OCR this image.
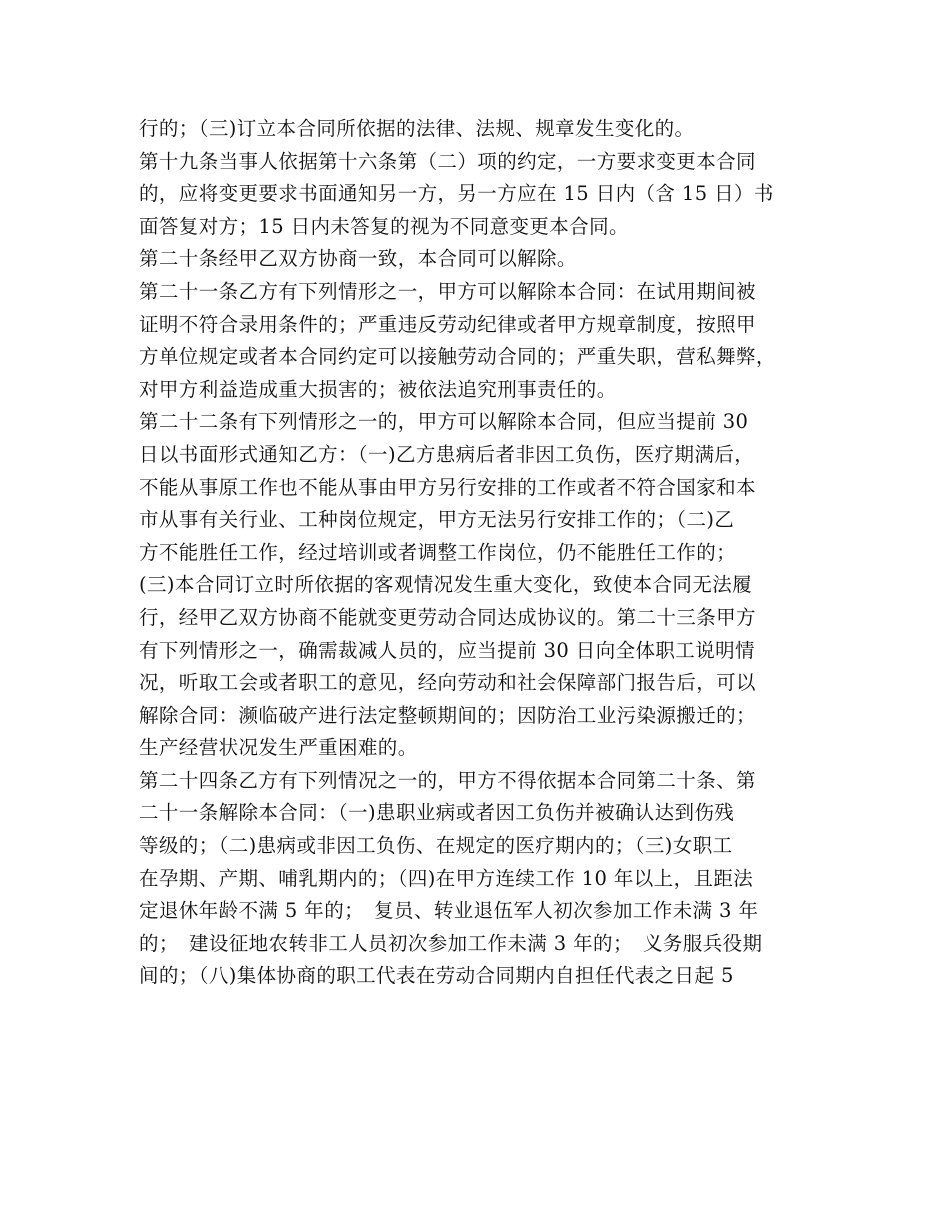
行的；（三)订立本合同所依据的法律、法规、规章发生变化的。
第十九条当事人依据第十六条第（二）项的约定，一方要求变更本合同
的，应将变更要求书面通知另一方，另一方应在 15 日内（含 15 日）书
面答复对方；15 日内未答复的视为不同意变更本合同。
第二十条经甲乙双方协商一致，本合同可以解除。
第二十一条乙方有下列情形之一，甲方可以解除本合同：在试用期间被
证明不符合录用条件的；严重违反劳动纪律或者甲方规章制度，按照甲
方单位规定或者本合同约定可以接触劳动合同的；严重失职，营私舞弊，
对甲方利益造成重大损害的；被依法追究刑事责任的。
第二十二条有下列情形之一的，甲方可以解除本合同，但应当提前 30
日以书面形式通知乙方：（一)乙方患病后者非因工负伤，医疗期满后，
不能从事原工作也不能从事由甲方另行安排的工作或者不符合国家和本
市从事有关行业、工种岗位规定，甲方无法另行安排工作的；（二)乙
方不能胜任工作，经过培训或者调整工作岗位，仍不能胜任工作的；
(三)本合同订立时所依据的客观情况发生重大变化，致使本合同无法履
行，经甲乙双方协商不能就变更劳动合同达成协议的。第二十三条甲方
有下列情形之一，确需裁减人员的，应当提前 30 日向全体职工说明情
况，听取工会或者职工的意见，经向劳动和社会保障部门报告后，可以
解除合同：濒临破产进行法定整顿期间的；因防治工业污染源搬迁的；
生产经营状况发生严重困难的。
第二十四条乙方有下列情况之一的，甲方不得依据本合同第二十条、第
二十一条解除本合同：（一)患职业病或者因工负伤并被确认达到伤残
等级的；（二)患病或非因工负伤、在规定的医疗期内的；（三)女职工
在孕期、产期、哺乳期内的；（四)在甲方连续工作 10 年以上，且距法
定退休年龄不满 5 年的；　复员、转业退伍军人初次参加工作未满 3 年
的；　建设征地农转非工人员初次参加工作未满 3 年的；　义务服兵役期
间的；（八)集体协商的职工代表在劳动合同期内自担任代表之日起 5
